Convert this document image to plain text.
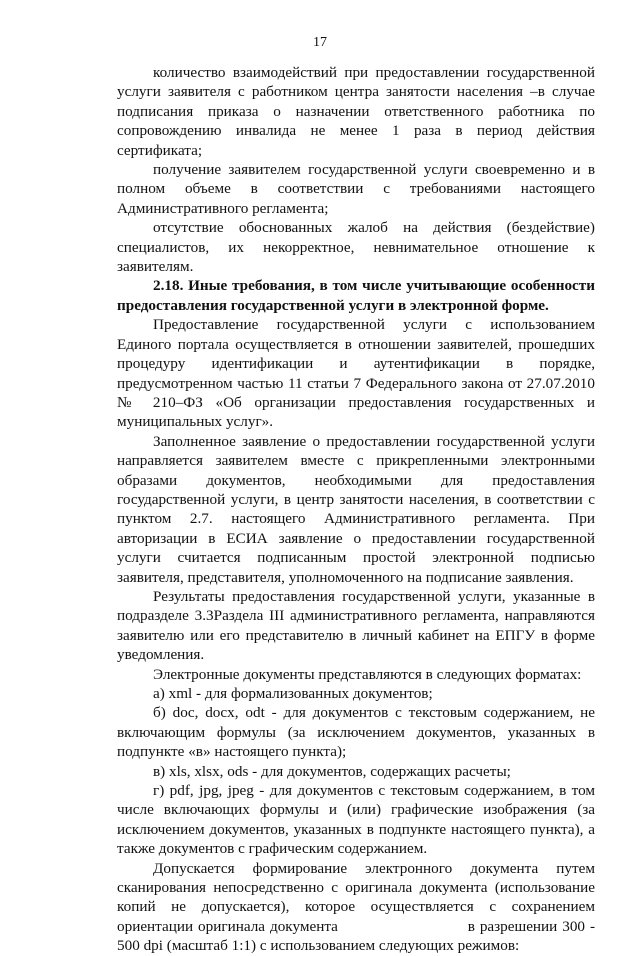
17

количество взаимодействий при предоставлении государственной услуги заявителя с работником центра занятости населения –в случае подписания приказа о назначении ответственного работника по сопровождению инвалида не менее 1 раза в период действия сертификата;

получение заявителем государственной услуги своевременно и в полном объеме в соответствии с требованиями настоящего Административного регламента;

отсутствие обоснованных жалоб на действия (бездействие) специалистов, их некорректное, невнимательное отношение к заявителям.

2.18. Иные требования, в том числе учитывающие особенности предоставления государственной услуги в электронной форме.

Предоставление государственной услуги с использованием Единого портала осуществляется в отношении заявителей, прошедших процедуру идентификации и аутентификации в порядке, предусмотренном частью 11 статьи 7 Федерального закона от 27.07.2010 № 210–ФЗ «Об организации предоставления государственных и муниципальных услуг».

Заполненное заявление о предоставлении государственной услуги направляется заявителем вместе с прикрепленными электронными образами документов, необходимыми для предоставления государственной услуги, в центр занятости населения, в соответствии с пунктом 2.7. настоящего Административного регламента. При авторизации в ЕСИА заявление о предоставлении государственной услуги считается подписанным простой электронной подписью заявителя, представителя, уполномоченного на подписание заявления.

Результаты предоставления государственной услуги, указанные в подразделе 3.3Раздела III административного регламента, направляются заявителю или его представителю в личный кабинет на ЕПГУ в форме уведомления.

Электронные документы представляются в следующих форматах:

а) xml - для формализованных документов;

б) doc, docx, odt - для документов с текстовым содержанием, не включающим формулы (за исключением документов, указанных в подпункте «в» настоящего пункта);

в) xls, xlsx, ods - для документов, содержащих расчеты;

г) pdf, jpg, jpeg - для документов с текстовым содержанием, в том числе включающих формулы и (или) графические изображения (за исключением документов, указанных в подпункте настоящего пункта), а также документов с графическим содержанием.

Допускается формирование электронного документа путем сканирования непосредственно с оригинала документа (использование копий не допускается), которое осуществляется с сохранением ориентации оригинала документа	в разрешении 300 - 500 dpi (масштаб 1:1) с использованием следующих режимов:
